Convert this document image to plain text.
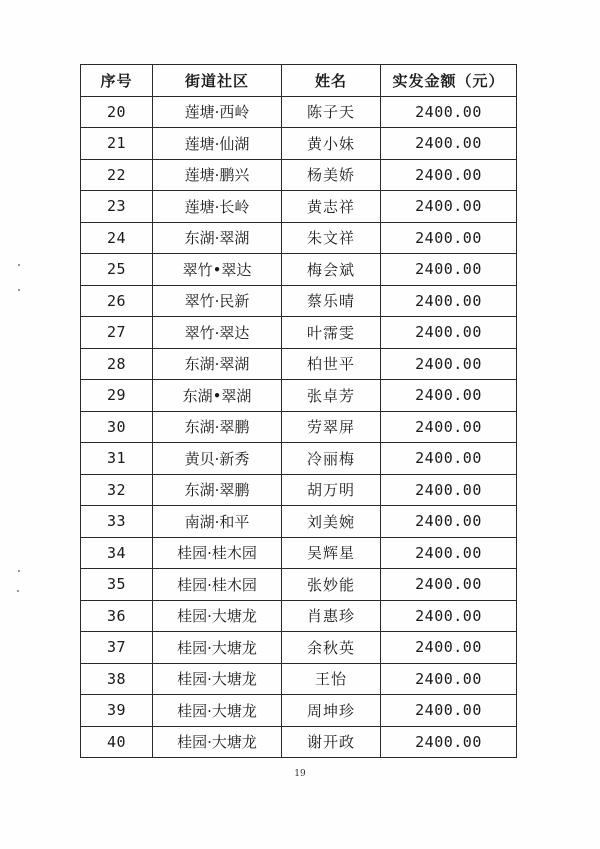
序号	街道社区	姓名	实发金额（元）
20	莲塘·西岭	陈子天	2400.00
21	莲塘·仙湖	黄小妹	2400.00
22	莲塘·鹏兴	杨美娇	2400.00
23	莲塘·长岭	黄志祥	2400.00
24	东湖·翠湖	朱文祥	2400.00
25	翠竹•翠达	梅会斌	2400.00
26	翠竹·民新	蔡乐晴	2400.00
27	翠竹·翠达	叶霈雯	2400.00
28	东湖·翠湖	柏世平	2400.00
29	东湖•翠湖	张卓芳	2400.00
30	东湖·翠鹏	劳翠屏	2400.00
31	黄贝·新秀	冷丽梅	2400.00
32	东湖·翠鹏	胡万明	2400.00
33	南湖·和平	刘美婉	2400.00
34	桂园·桂木园	吴辉星	2400.00
35	桂园·桂木园	张妙能	2400.00
36	桂园·大塘龙	肖惠珍	2400.00
37	桂园·大塘龙	余秋英	2400.00
38	桂园·大塘龙	王怡	2400.00
39	桂园·大塘龙	周坤珍	2400.00
40	桂园·大塘龙	谢开政	2400.00
19
